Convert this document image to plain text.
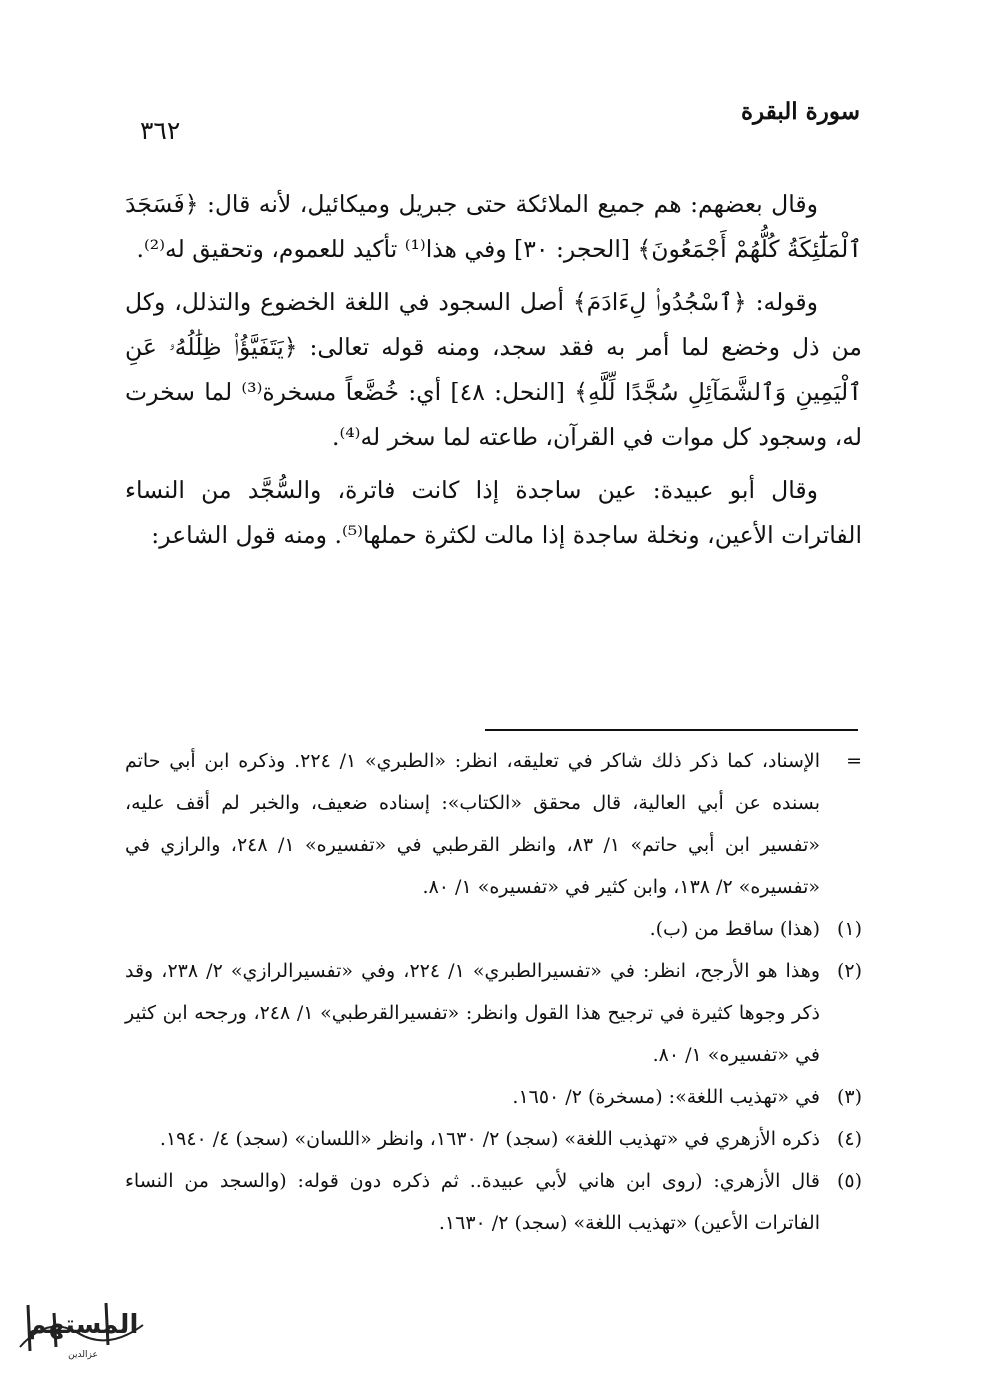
٣٦٢
سورة البقرة

وقال بعضهم: هم جميع الملائكة حتى جبريل وميكائيل، لأنه قال: ﴿فَسَجَدَ ٱلْمَلَٰٓئِكَةُ كُلُّهُمْ أَجْمَعُونَ﴾ [الحجر: ٣٠] وفي هذا⁽¹⁾ تأكيد للعموم، وتحقيق له⁽²⁾.

وقوله: ﴿ٱسْجُدُوا۟ لِءَادَمَ﴾ أصل السجود في اللغة الخضوع والتذلل، وكل من ذل وخضع لما أمر به فقد سجد، ومنه قوله تعالى: ﴿يَتَفَيَّؤُا۟ ظِلَٰلُهُۥ عَنِ ٱلْيَمِينِ وَٱلشَّمَآئِلِ سُجَّدًا لِّلَّهِ﴾ [النحل: ٤٨] أي: خُضَّعاً مسخرة⁽³⁾ لما سخرت له، وسجود كل موات في القرآن، طاعته لما سخر له⁽⁴⁾.

وقال أبو عبيدة: عين ساجدة إذا كانت فاترة، والسُّجَّد من النساء الفاترات الأعين، ونخلة ساجدة إذا مالت لكثرة حملها⁽⁵⁾. ومنه قول الشاعر:

=
الإسناد، كما ذكر ذلك شاكر في تعليقه، انظر: «الطبري» ١/ ٢٢٤. وذكره ابن أبي حاتم بسنده عن أبي العالية، قال محقق «الكتاب»: إسناده ضعيف، والخبر لم أقف عليه، «تفسير ابن أبي حاتم» ١/ ٨٣، وانظر القرطبي في «تفسيره» ١/ ٢٤٨، والرازي في «تفسيره» ٢/ ١٣٨، وابن كثير في «تفسيره» ١/ ٨٠.
(١)
(هذا) ساقط من (ب).
(٢)
وهذا هو الأرجح، انظر: في «تفسيرالطبري» ١/ ٢٢٤، وفي «تفسيرالرازي» ٢/ ٢٣٨، وقد ذكر وجوها كثيرة في ترجيح هذا القول وانظر: «تفسيرالقرطبي» ١/ ٢٤٨، ورجحه ابن كثير في «تفسيره» ١/ ٨٠.
(٣)
في «تهذيب اللغة»: (مسخرة) ٢/ ١٦٥٠.
(٤)
ذكره الأزهري في «تهذيب اللغة» (سجد) ٢/ ١٦٣٠، وانظر «اللسان» (سجد) ٤/ ١٩٤٠.
(٥)
قال الأزهري: (روى ابن هاني لأبي عبيدة.. ثم ذكره دون قوله: (والسجد من النساء الفاترات الأعين) «تهذيب اللغة» (سجد) ٢/ ١٦٣٠.
المستهم
عزالدين
